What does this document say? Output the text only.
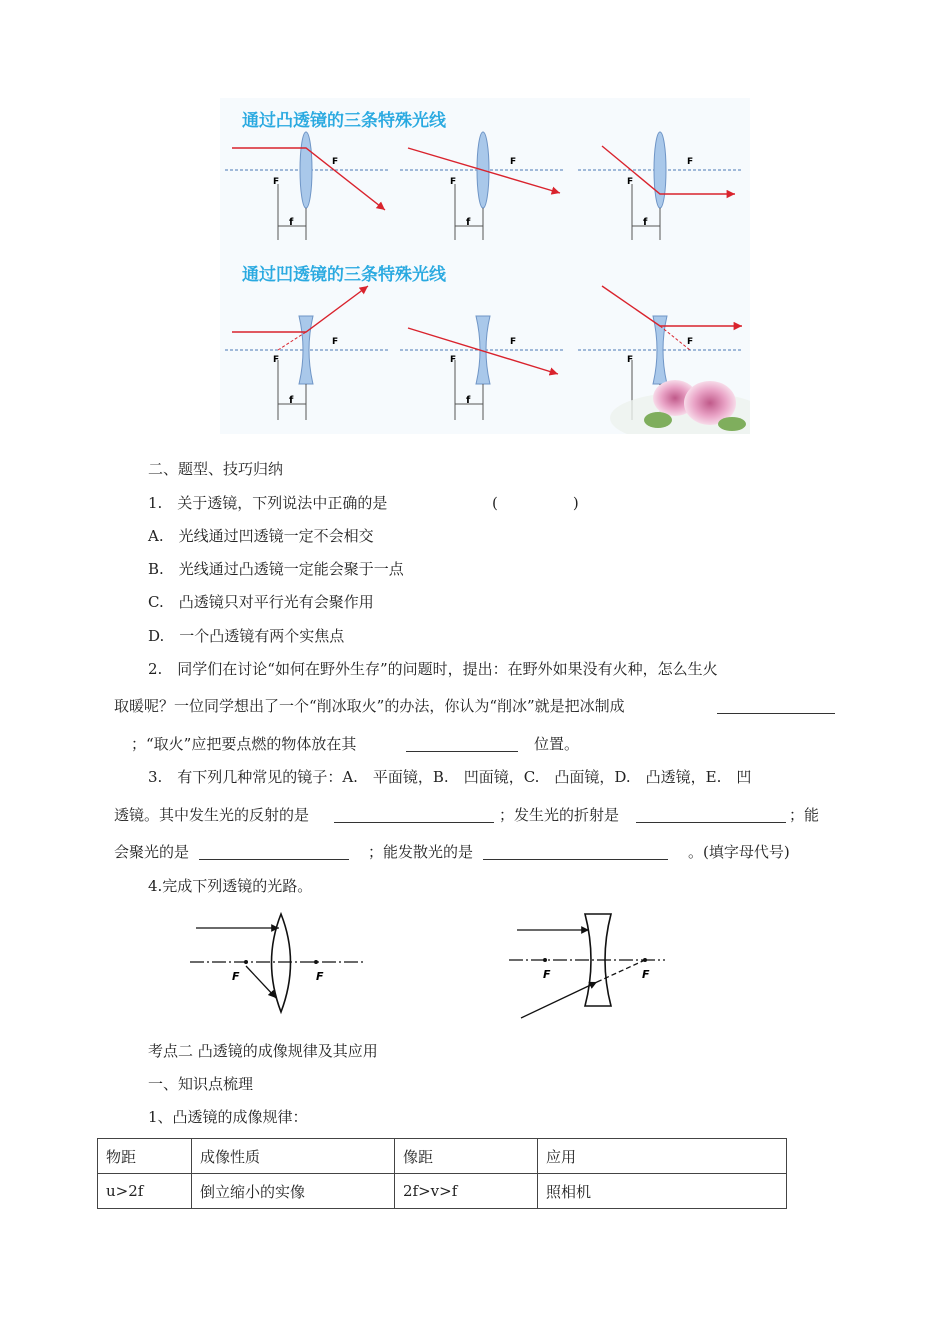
通过凸透镜的三条特殊光线
通过凹透镜的三条特殊光线
F
F
f
F
F
f
F
F
f
F
F
f
F
F
f
F
F
二、题型、技巧归纳
1.　关于透镜，下列说法中正确的是	(　　　　　)
A.　光线通过凹透镜一定不会相交
B.　光线通过凸透镜一定能会聚于一点
C.　凸透镜只对平行光有会聚作用
D.　一个凸透镜有两个实焦点
2.　同学们在讨论“如何在野外生存”的问题时，提出：在野外如果没有火种，怎么生火
取暖呢？一位同学想出了一个“削冰取火”的办法，你认为“削冰”就是把冰制成
；“取火”应把要点燃的物体放在其	位置。
3.　有下列几种常见的镜子：A.　平面镜，B.　凹面镜，C.　凸面镜，D.　凸透镜，E.　凹
透镜。其中发生光的反射的是	；发生光的折射是	；能
会聚光的是	；能发散光的是	。(填字母代号)
4.完成下列透镜的光路。
F	F	F	F
考点二 凸透镜的成像规律及其应用
一、知识点梳理
1、凸透镜的成像规律：
物距	成像性质	像距	应用
u>2f	倒立缩小的实像	2f>v>f	照相机
